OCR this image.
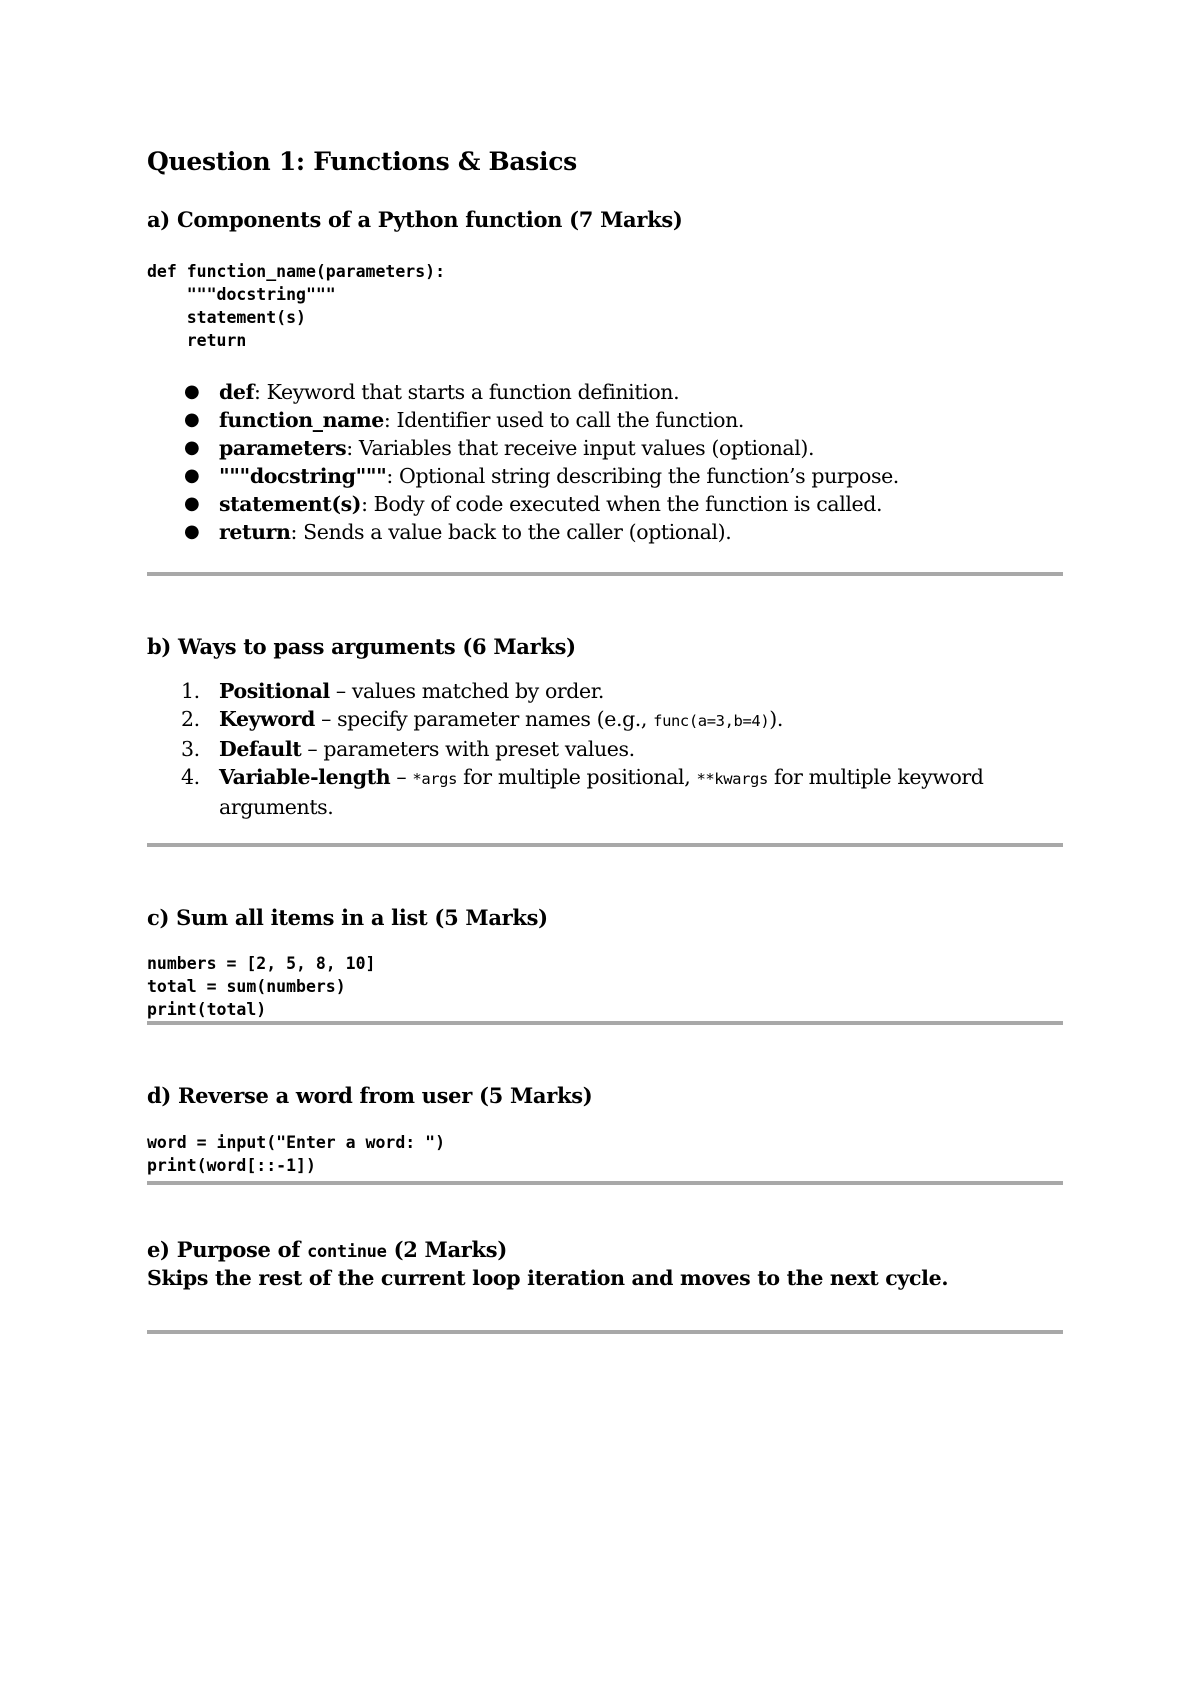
Question 1: Functions & Basics
a) Components of a Python function (7 Marks)
def function_name(parameters):
"""docstring"""
statement(s)
return
● def: Keyword that starts a function definition.
● function_name: Identifier used to call the function.
● parameters: Variables that receive input values (optional).
● """docstring""": Optional string describing the function’s purpose.
● statement(s): Body of code executed when the function is called.
● return: Sends a value back to the caller (optional).
b) Ways to pass arguments (6 Marks)
1. Positional – values matched by order.
2. Keyword – specify parameter names (e.g., func(a=3,b=4)).
3. Default – parameters with preset values.
4. Variable-length – *args for multiple positional, **kwargs for multiple keyword arguments.
c) Sum all items in a list (5 Marks)
numbers = [2, 5, 8, 10]
total = sum(numbers)
print(total)
d) Reverse a word from user (5 Marks)
word = input("Enter a word: ")
print(word[::-1])
e) Purpose of continue (2 Marks)

Skips the rest of the current loop iteration and moves to the next cycle.
